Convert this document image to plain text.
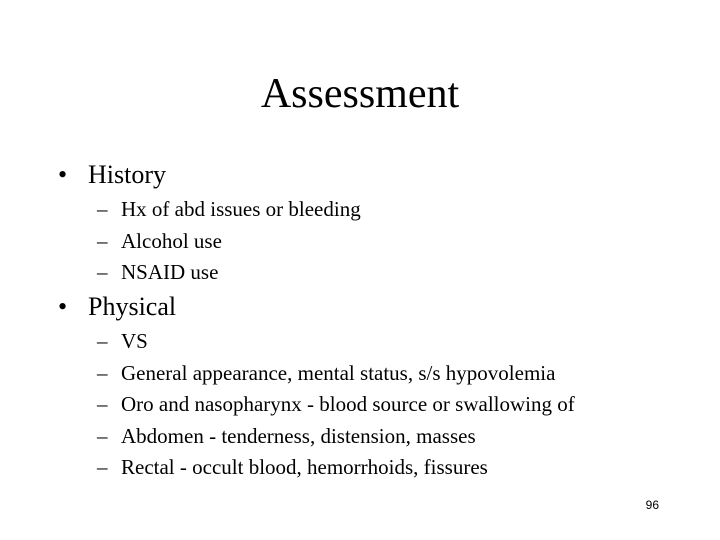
Assessment
• History
– Hx of abd issues or bleeding
– Alcohol use
– NSAID use
• Physical
– VS
– General appearance, mental status, s/s hypovolemia
– Oro and nasopharynx - blood source or swallowing of
– Abdomen - tenderness, distension, masses
– Rectal - occult blood, hemorrhoids, fissures
96
